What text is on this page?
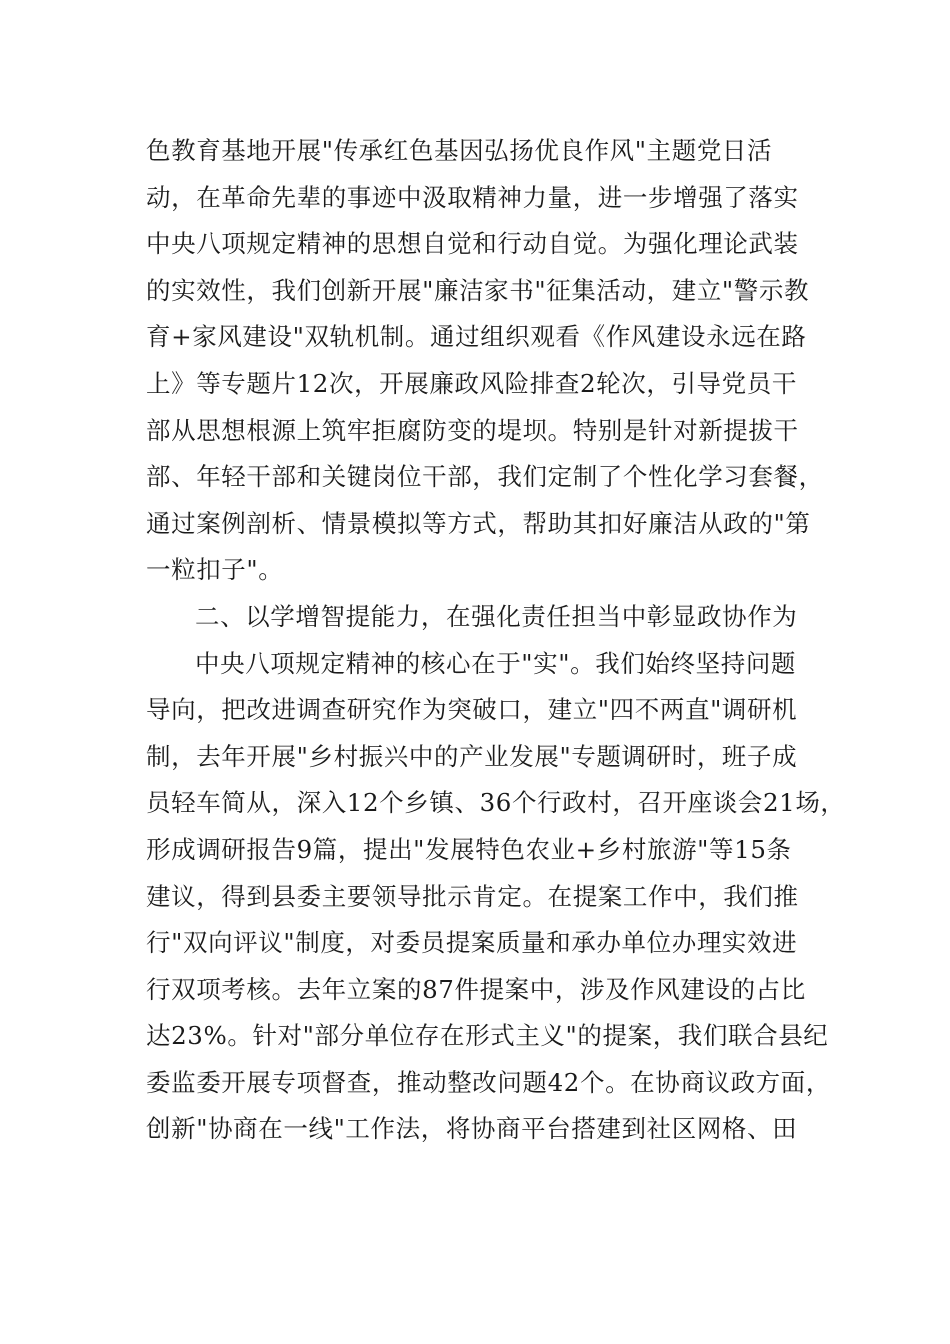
色教育基地开展"传承红色基因弘扬优良作风"主题党日活
动，在革命先辈的事迹中汲取精神力量，进一步增强了落实
中央八项规定精神的思想自觉和行动自觉。为强化理论武装
的实效性，我们创新开展"廉洁家书"征集活动，建立"警示教
育+家风建设"双轨机制。通过组织观看《作风建设永远在路
上》等专题片12次，开展廉政风险排查2轮次，引导党员干
部从思想根源上筑牢拒腐防变的堤坝。特别是针对新提拔干
部、年轻干部和关键岗位干部，我们定制了个性化学习套餐，
通过案例剖析、情景模拟等方式，帮助其扣好廉洁从政的"第
一粒扣子"。
二、以学增智提能力，在强化责任担当中彰显政协作为
中央八项规定精神的核心在于"实"。我们始终坚持问题
导向，把改进调查研究作为突破口，建立"四不两直"调研机
制，去年开展"乡村振兴中的产业发展"专题调研时，班子成
员轻车简从，深入12个乡镇、36个行政村，召开座谈会21场，
形成调研报告9篇，提出"发展特色农业+乡村旅游"等15条
建议，得到县委主要领导批示肯定。在提案工作中，我们推
行"双向评议"制度，对委员提案质量和承办单位办理实效进
行双项考核。去年立案的87件提案中，涉及作风建设的占比
达23%。针对"部分单位存在形式主义"的提案，我们联合县纪
委监委开展专项督查，推动整改问题42个。在协商议政方面，
创新"协商在一线"工作法，将协商平台搭建到社区网格、田
